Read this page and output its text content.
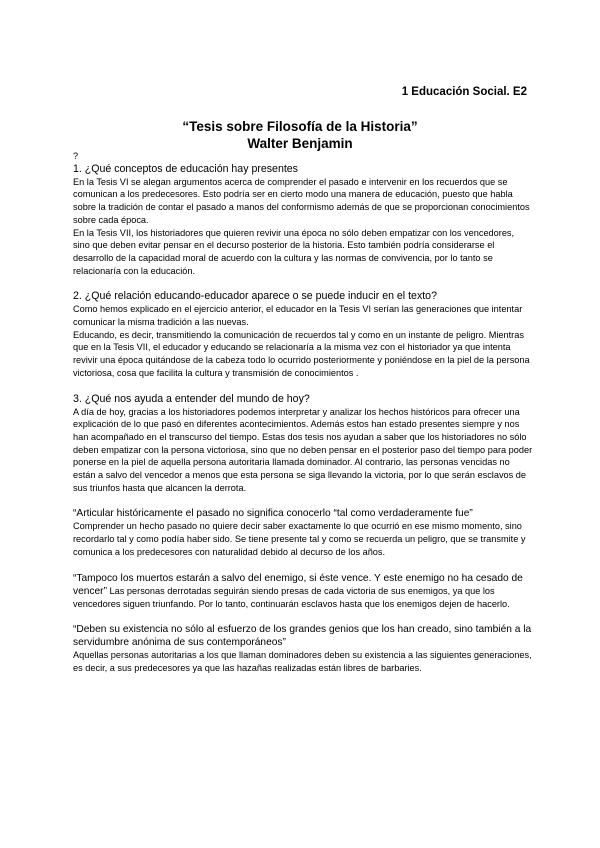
1 Educación Social. E2
“Tesis sobre Filosofía de la Historia”
Walter Benjamin

?

1. ¿Qué conceptos de educación hay presentes

En la Tesis VI se alegan argumentos acerca de comprender el pasado e intervenir en los recuerdos que se comunican a los predecesores. Esto podría ser en cierto modo una manera de educación, puesto que habla sobre la tradición de contar el pasado a manos del conformismo además de que se proporcionan conocimientos sobre cada época.

En la Tesis VII, los historiadores que quieren revivir una época no sólo deben empatizar con los vencedores, sino que deben evitar pensar en el decurso posterior de la historia. Esto también podría considerarse el desarrollo de la capacidad moral de acuerdo con la cultura y las normas de convivencia, por lo tanto se relacionaría con la educación.

2. ¿Qué relación educando-educador aparece o se puede inducir en el texto?

Como hemos explicado en el ejercicio anterior, el educador en la Tesis VI serían las generaciones que intentar comunicar la misma tradición a las nuevas.

Educando, es decir, transmitiendo la comunicación de recuerdos tal y como en un instante de peligro. Mientras que en la Tesis VII, el educador y educando se relacionaría a la misma vez con el historiador ya que intenta revivir una época quitándose de la cabeza todo lo ocurrido posteriormente y poniéndose en la piel de la persona victoriosa, cosa que facilita la cultura y transmisión de conocimientos .

3. ¿Qué nos ayuda a entender del mundo de hoy?

A día de hoy, gracias a los historiadores podemos interpretar y analizar los hechos históricos para ofrecer una explicación de lo que pasó en diferentes acontecimientos. Además estos han estado presentes siempre y nos han acompañado en el transcurso del tiempo. Estas dos tesis nos ayudan a saber que los historiadores no sólo deben empatizar con la persona victoriosa, sino que no deben pensar en el posterior paso del tiempo para poder ponerse en la piel de aquella persona autoritaria llamada dominador. Al contrario, las personas vencidas no están a salvo del vencedor a menos que esta persona se siga llevando la victoria, por lo que serán esclavos de sus triunfos hasta que alcancen la derrota.

“Articular históricamente el pasado no significa conocerlo “tal como verdaderamente fue”

Comprender un hecho pasado no quiere decir saber exactamente lo que ocurrió en ese mismo momento, sino recordarlo tal y como podía haber sido. Se tiene presente tal y como se recuerda un peligro, que se transmite y comunica a los predecesores con naturalidad debido al decurso de los años.

“Tampoco los muertos estarán a salvo del enemigo, si éste vence. Y este enemigo no ha cesado de vencer” Las personas derrotadas seguirán siendo presas de cada victoria de sus enemigos, ya que los vencedores siguen triunfando. Por lo tanto, continuarán esclavos hasta que los enemigos dejen de hacerlo.

“Deben su existencia no sólo al esfuerzo de los grandes genios que los han creado, sino también a la servidumbre anónima de sus contemporáneos”

Aquellas personas autoritarias a los que llaman dominadores deben su existencia a las siguientes generaciones, es decir, a sus predecesores ya que las hazañas realizadas están libres de barbaries.
